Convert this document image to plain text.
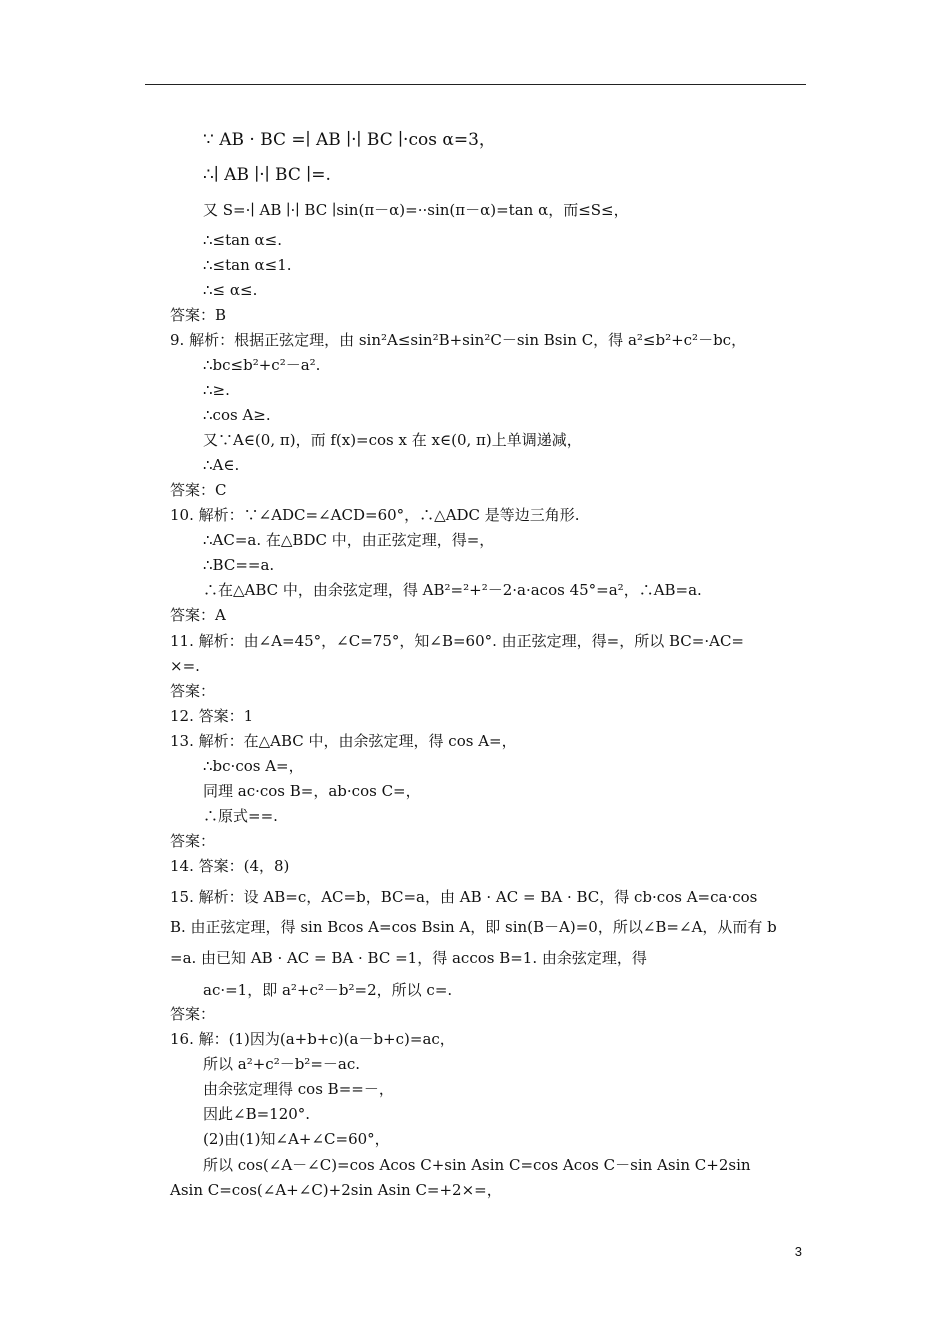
∵ AB · BC =∣ AB ∣·∣ BC ∣·cos α=3，
∴∣ AB ∣·∣ BC ∣=.
又 S=·∣ AB ∣·∣ BC ∣sin(π－α)=··sin(π－α)=tan α，而≤S≤，
∴≤tan α≤.
∴≤tan α≤1.
∴≤ α≤.
答案：B
9. 解析：根据正弦定理，由 sin²A≤sin²B+sin²C－sin Bsin C，得 a²≤b²+c²－bc，
∴bc≤b²+c²－a².
∴≥.
∴cos A≥.
又∵A∈(0, π)，而 f(x)=cos x 在 x∈(0, π)上单调递减，
∴A∈.
答案：C
10. 解析：∵∠ADC=∠ACD=60°，∴△ADC 是等边三角形.
∴AC=a. 在△BDC 中，由正弦定理，得=，
∴BC==a.
∴在△ABC 中，由余弦定理，得 AB²=²+²－2·a·acos 45°=a²，∴AB=a.
答案：A
11. 解析：由∠A=45°，∠C=75°，知∠B=60°. 由正弦定理，得=，所以 BC=·AC=
×=.
答案：
12. 答案：1
13. 解析：在△ABC 中，由余弦定理，得 cos A=，
∴bc·cos A=，
同理 ac·cos B=，ab·cos C=，
∴原式==.
答案：
14. 答案：(4，8)
15. 解析：设 AB=c，AC=b，BC=a，由 AB · AC = BA · BC，得 cb·cos A=ca·cos
B. 由正弦定理，得 sin Bcos A=cos Bsin A，即 sin(B－A)=0，所以∠B=∠A，从而有 b
=a. 由已知 AB · AC = BA · BC =1，得 accos B=1. 由余弦定理，得
ac·=1，即 a²+c²－b²=2，所以 c=.
答案：
16. 解：(1)因为(a+b+c)(a－b+c)=ac，
所以 a²+c²－b²=－ac.
由余弦定理得 cos B==－，
因此∠B=120°.
(2)由(1)知∠A+∠C=60°，
所以 cos(∠A－∠C)=cos Acos C+sin Asin C=cos Acos C－sin Asin C+2sin
Asin C=cos(∠A+∠C)+2sin Asin C=+2×=，
3
